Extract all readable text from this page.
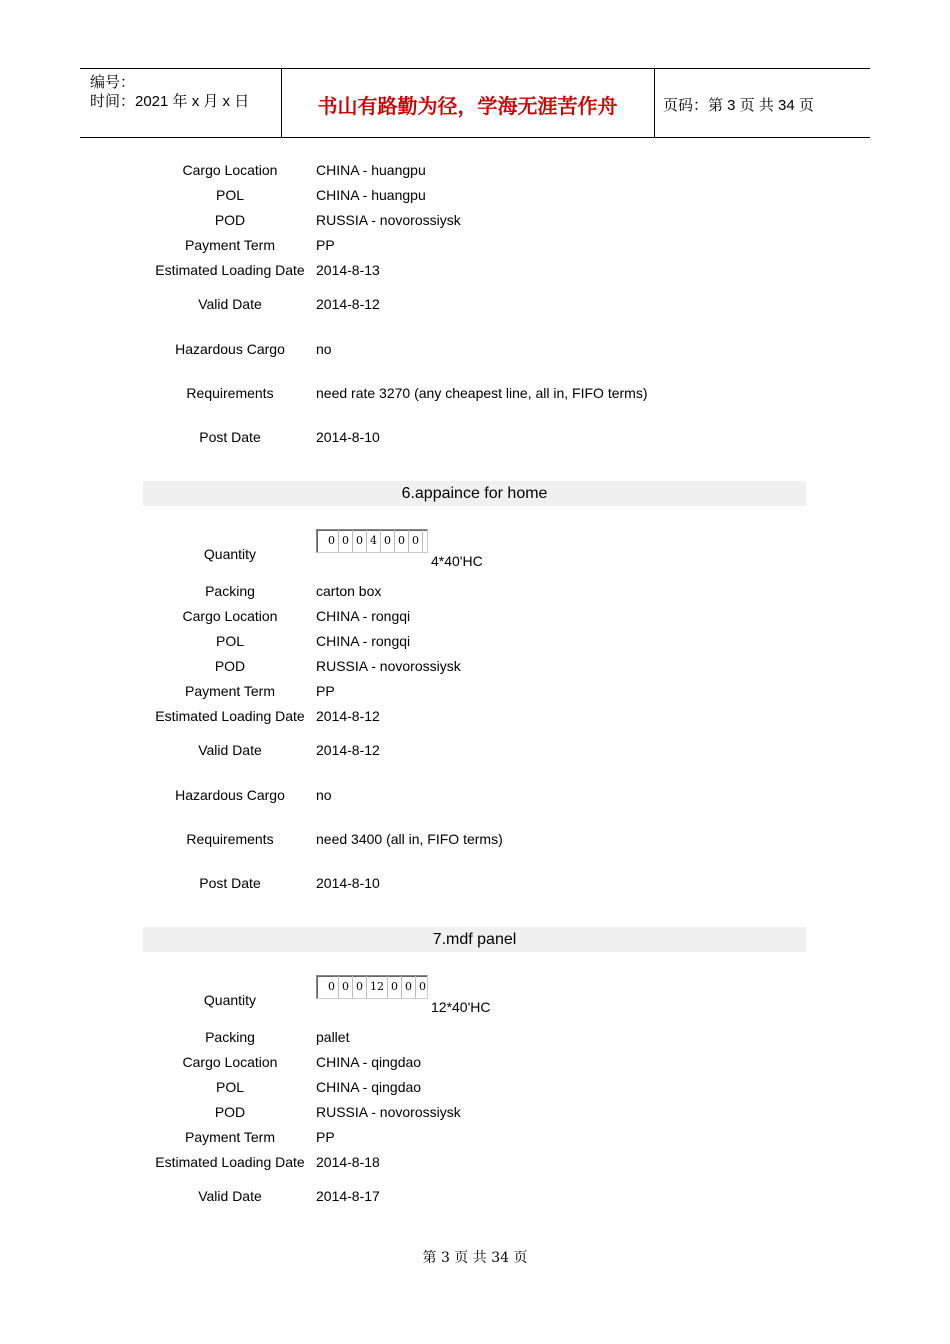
编号：
时间：2021 年 x 月 x 日	书山有路勤为径，学海无涯苦作舟	页码：第 3 页 共 34 页
Cargo Location	CHINA - huangpu
POL	CHINA - huangpu
POD	RUSSIA - novorossiysk
Payment Term	PP
Estimated Loading Date 2014-8-13
Valid Date	2014-8-12
Hazardous Cargo	no
Requirements	need rate 3270 (any cheapest line, all in, FIFO terms)
Post Date	2014-8-10
6.appaince for home
Quantity
0 0 0 4 0 0 0
4*40'HC
Packing	carton box
Cargo Location	CHINA - rongqi
POL	CHINA - rongqi
POD	RUSSIA - novorossiysk
Payment Term	PP
Estimated Loading Date 2014-8-12
Valid Date	2014-8-12
Hazardous Cargo	no
Requirements	need 3400 (all in, FIFO terms)
Post Date	2014-8-10
7.mdf panel
Quantity
0 0 0 12 0 0 0
12*40'HC
Packing	pallet
Cargo Location	CHINA - qingdao
POL	CHINA - qingdao
POD	RUSSIA - novorossiysk
Payment Term	PP
Estimated Loading Date 2014-8-18
Valid Date	2014-8-17
第 3 页 共 34 页
